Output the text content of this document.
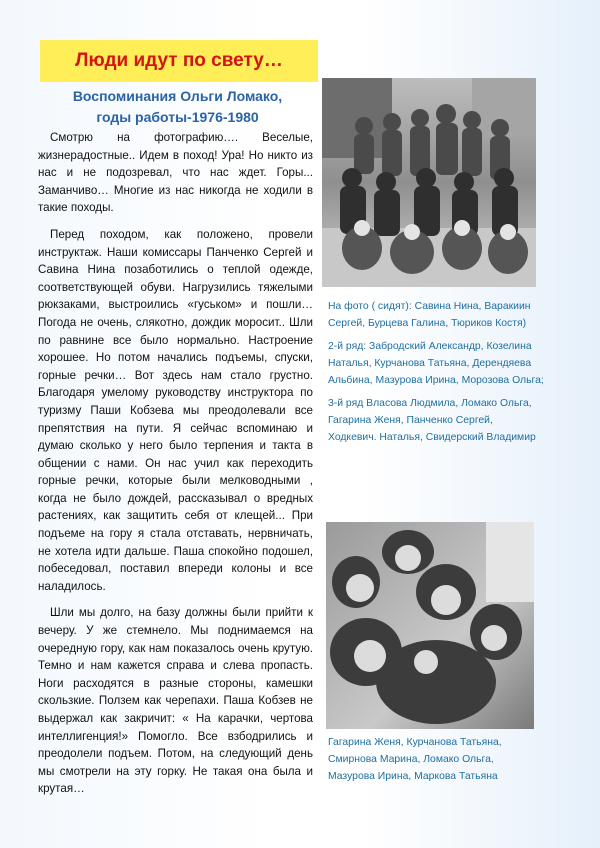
Люди идут по свету…
Воспоминания Ольги Ломако,
годы работы-1976-1980

Смотрю на фотографию…. Веселые, жизнерадостные.. Идем в поход! Ура! Но никто из нас и не подозревал, что нас ждет. Горы... Заманчиво… Многие из нас никогда не ходили в такие походы.

Перед походом, как положено, провели инструктаж. Наши комиссары Панченко Сергей и Савина Нина позаботились о теплой одежде, соответствующей обуви. Нагрузились тяжелыми рюкзаками, выстроились «гуськом» и пошли… Погода не очень, слякотно, дождик моросит.. Шли по равнине все было нормально. Настроение хорошее. Но потом начались подъемы, спуски, горные речки… Вот здесь нам стало грустно. Благодаря умелому руководству инструктора по туризму Паши Кобзева мы преодолевали все препятствия на пути. Я сейчас вспоминаю и думаю сколько у него было терпения и такта в общении с нами. Он нас учил как переходить горные речки, которые были мелководными , когда не было дождей, рассказывал о вредных растениях, как защитить себя от клещей... При подъеме на гору я стала отставать, нервничать, не хотела идти дальше. Паша спокойно подошел, побеседовал, поставил впереди колоны и все наладилось.

Шли мы долго, на базу должны были прийти к вечеру. У же стемнело. Мы поднимаемся на очередную гору, как нам показалось очень крутую. Темно и нам кажется справа и слева пропасть. Ноги расходятся в разные стороны, камешки скользкие. Ползем как черепахи. Паша Кобзев не выдержал как закричит: « На карачки, чертова интеллигенция!» Помогло. Все взбодрились и преодолели подъем. Потом, на следующий день мы смотрели на эту горку. Не такая она была и крутая…

На фото ( сидят): Савина Нина, Варакиин Сергей, Бурцева Галина, Тюриков Костя)

2-й ряд: Забродский Александр, Козелина Наталья, Курчанова Татьяна, Дерендяева Альбина, Мазурова Ирина, Морозова Ольга;

3-й ряд Власова Людмила, Ломако Ольга, Гагарина Женя, Панченко Сергей, Ходкевич. Наталья, Свидерский Владимир

Гагарина Женя, Курчанова Татьяна, Смирнова Марина, Ломако Ольга, Мазурова Ирина, Маркова Татьяна
